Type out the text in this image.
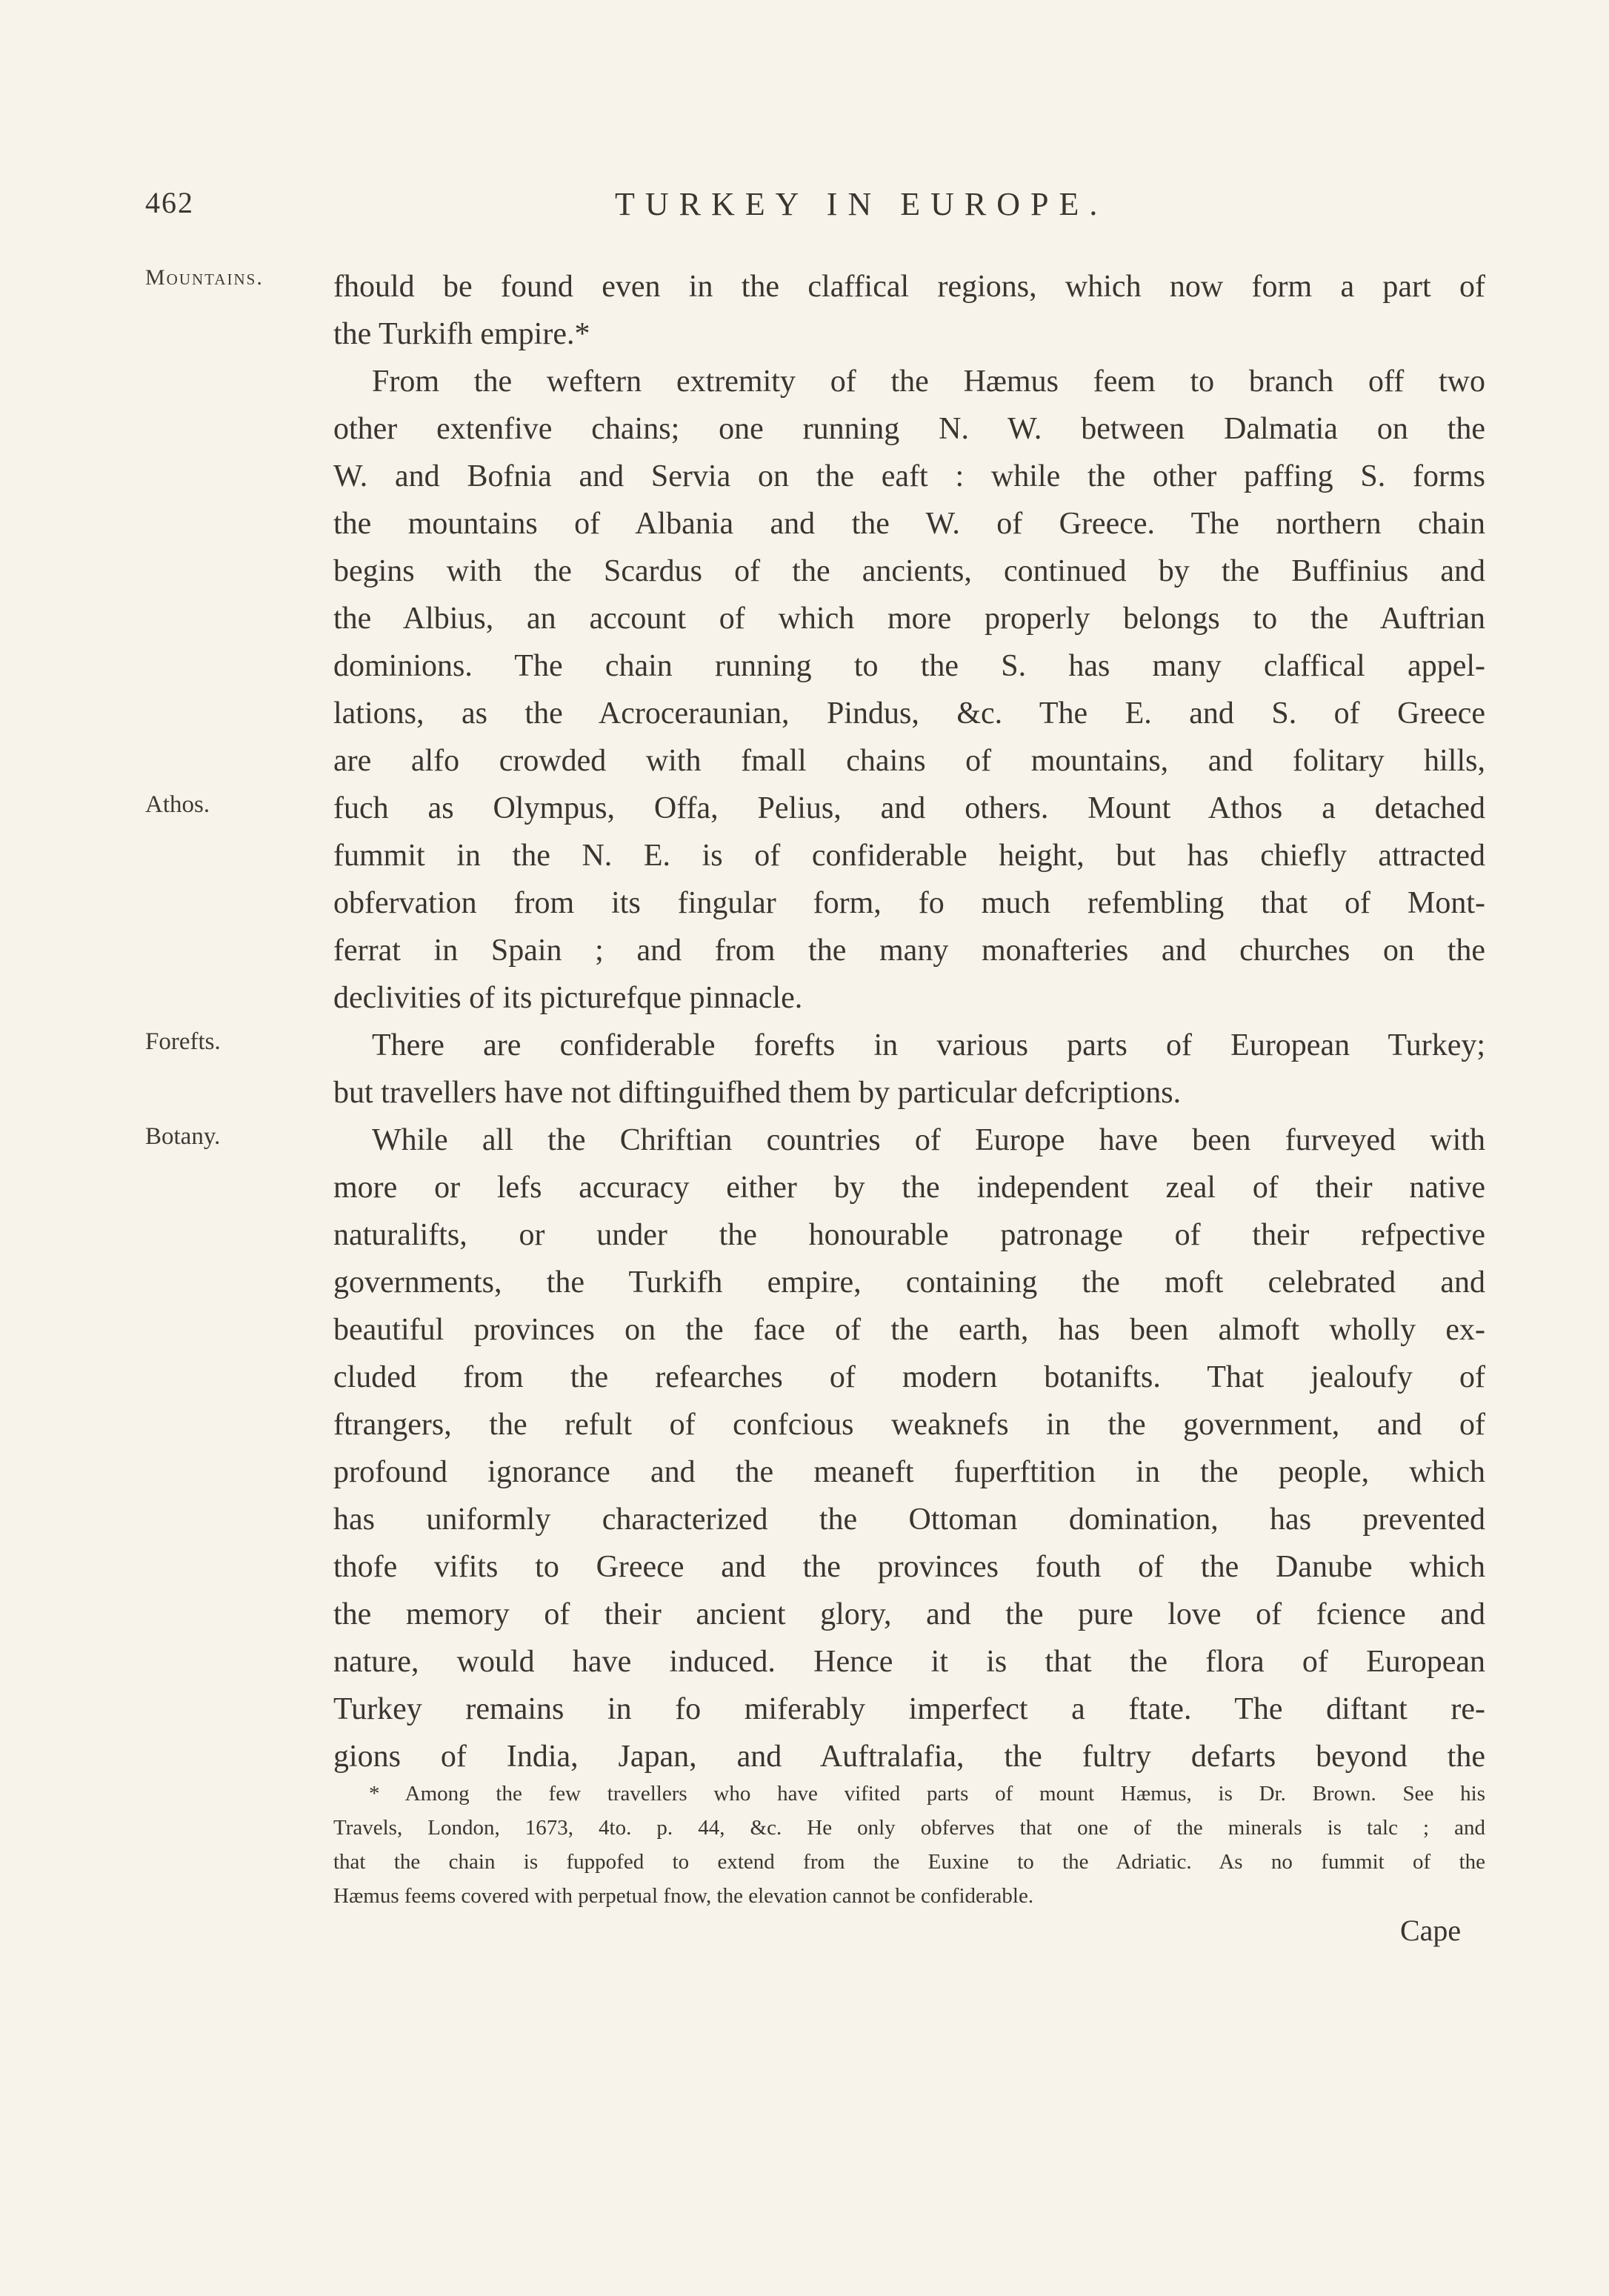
462	TURKEY IN EUROPE.
Mountains.
Athos.
Forefts.
Botany.
fhould be found even in the claffical regions, which now form a part of
the Turkifh empire.*
From the weftern extremity of the Hæmus feem to branch off two
other extenfive chains; one running N. W. between Dalmatia on the
W. and Bofnia and Servia on the eaft : while the other paffing S. forms
the mountains of Albania and the W. of Greece. The northern chain
begins with the Scardus of the ancients, continued by the Buffinius and
the Albius, an account of which more properly belongs to the Auftrian
dominions. The chain running to the S. has many claffical appel-
lations, as the Acroceraunian, Pindus, &c. The E. and S. of Greece
are alfo crowded with fmall chains of mountains, and folitary hills,
fuch as Olympus, Offa, Pelius, and others. Mount Athos a detached
fummit in the N. E. is of confiderable height, but has chiefly attracted
obfervation from its fingular form, fo much refembling that of Mont-
ferrat in Spain ; and from the many monafteries and churches on the
declivities of its picturefque pinnacle.
There are confiderable forefts in various parts of European Turkey;
but travellers have not diftinguifhed them by particular defcriptions.
While all the Chriftian countries of Europe have been furveyed with
more or lefs accuracy either by the independent zeal of their native
naturalifts, or under the honourable patronage of their refpective
governments, the Turkifh empire, containing the moft celebrated and
beautiful provinces on the face of the earth, has been almoft wholly ex-
cluded from the refearches of modern botanifts. That jealoufy of
ftrangers, the refult of confcious weaknefs in the government, and of
profound ignorance and the meaneft fuperftition in the people, which
has uniformly characterized the Ottoman domination, has prevented
thofe vifits to Greece and the provinces fouth of the Danube which
the memory of their ancient glory, and the pure love of fcience and
nature, would have induced. Hence it is that the flora of European
Turkey remains in fo miferably imperfect a ftate. The diftant re-
gions of India, Japan, and Auftralafia, the fultry defarts beyond the
* Among the few travellers who have vifited parts of mount Hæmus, is Dr. Brown. See his
Travels, London, 1673, 4to. p. 44, &c. He only obferves that one of the minerals is talc ; and
that the chain is fuppofed to extend from the Euxine to the Adriatic. As no fummit of the
Hæmus feems covered with perpetual fnow, the elevation cannot be confiderable.
Cape
